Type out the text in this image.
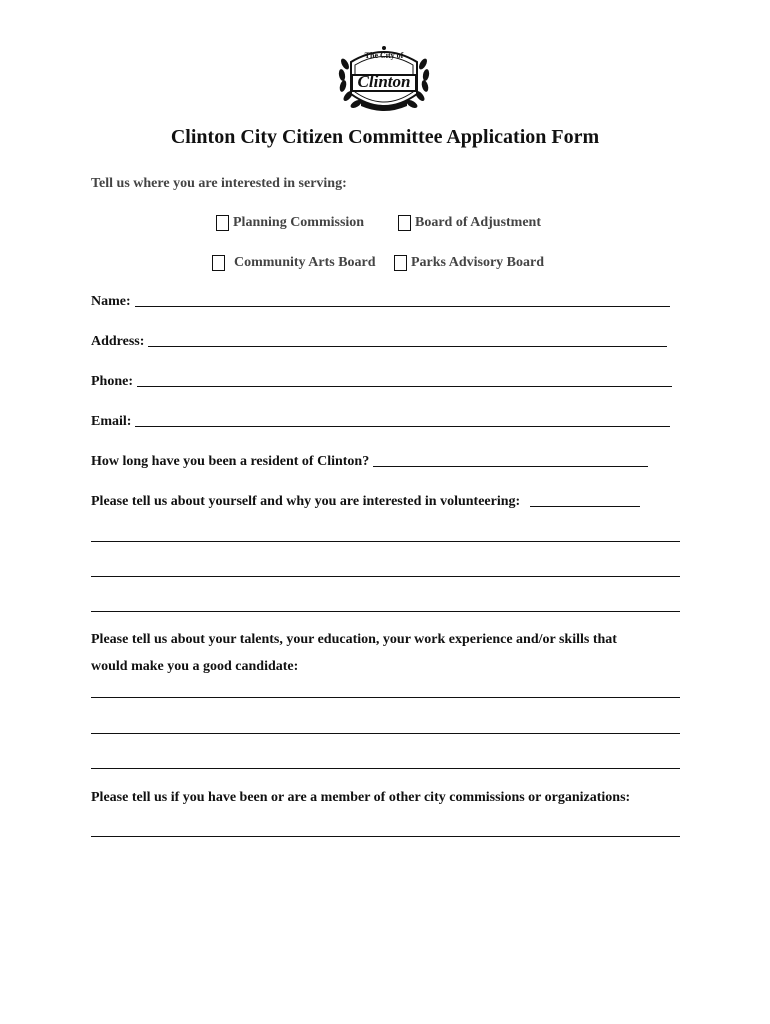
The City of
Clinton
Clinton City Citizen Committee Application Form
Tell us where you are interested in serving:
Planning Commission	Board of Adjustment
Community Arts Board	Parks Advisory Board
Name:
Address:
Phone:
Email:
How long have you been a resident of Clinton?
Please tell us about yourself and why you are interested in volunteering:
Please tell us about your talents, your education, your work experience and/or skills that
would make you a good candidate:
Please tell us if you have been or are a member of other city commissions or organizations:
